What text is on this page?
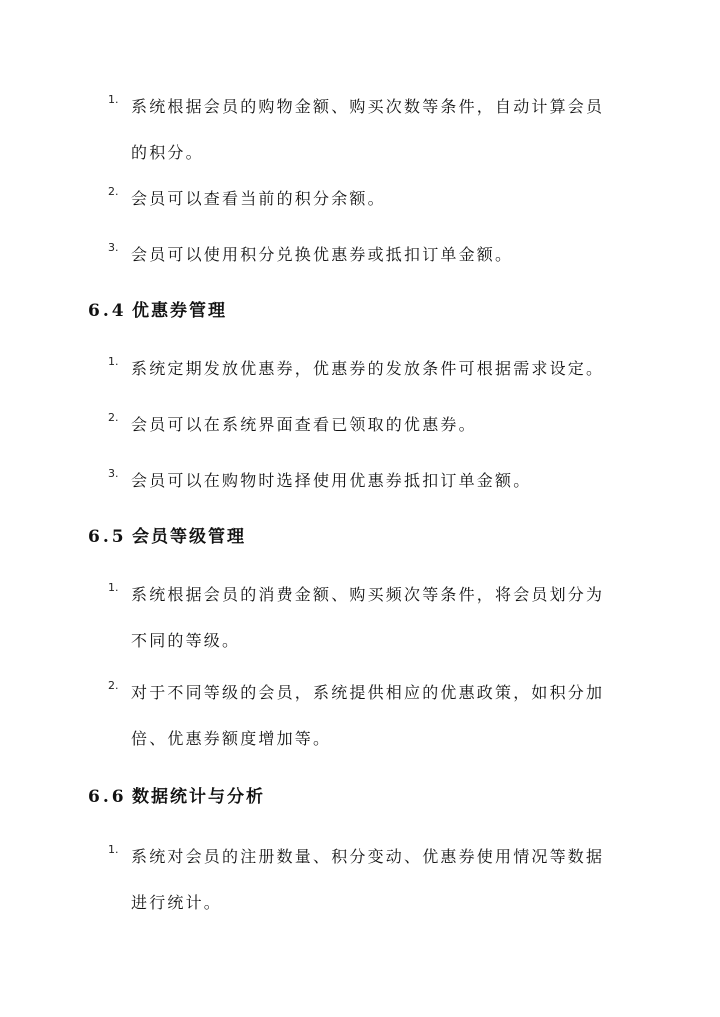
1. 系统根据会员的购物金额、购买次数等条件，自动计算会员
的积分。
2. 会员可以查看当前的积分余额。
3. 会员可以使用积分兑换优惠券或抵扣订单金额。
6.4 优惠券管理
1. 系统定期发放优惠券，优惠券的发放条件可根据需求设定。
2. 会员可以在系统界面查看已领取的优惠券。
3. 会员可以在购物时选择使用优惠券抵扣订单金额。
6.5 会员等级管理
1. 系统根据会员的消费金额、购买频次等条件，将会员划分为
不同的等级。
2. 对于不同等级的会员，系统提供相应的优惠政策，如积分加
倍、优惠券额度增加等。
6.6 数据统计与分析
1. 系统对会员的注册数量、积分变动、优惠券使用情况等数据
进行统计。
